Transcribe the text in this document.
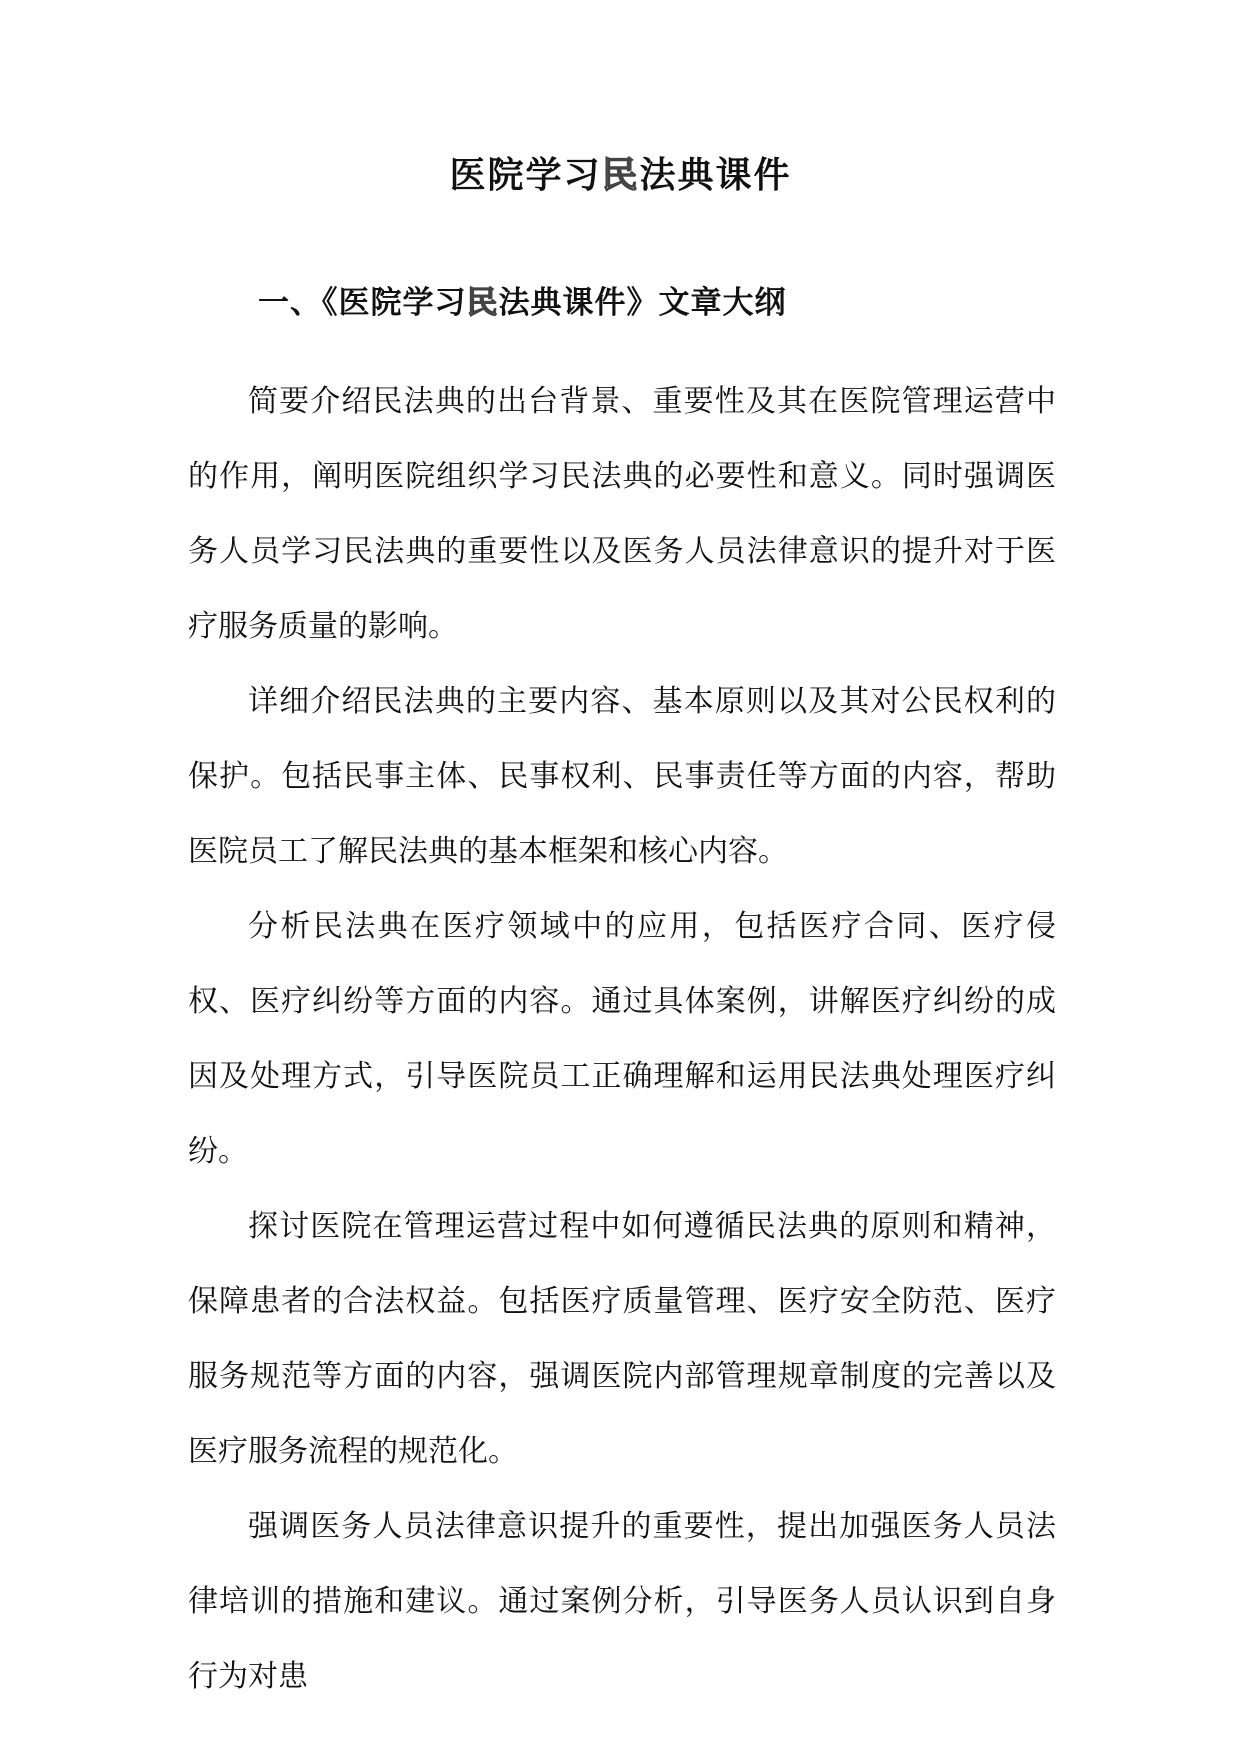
医院学习民法典课件
一、《医院学习民法典课件》文章大纲

简要介绍民法典的出台背景、重要性及其在医院管理运营中的作用，阐明医院组织学习民法典的必要性和意义。同时强调医务人员学习民法典的重要性以及医务人员法律意识的提升对于医疗服务质量的影响。

详细介绍民法典的主要内容、基本原则以及其对公民权利的保护。包括民事主体、民事权利、民事责任等方面的内容，帮助医院员工了解民法典的基本框架和核心内容。

分析民法典在医疗领域中的应用，包括医疗合同、医疗侵权、医疗纠纷等方面的内容。通过具体案例，讲解医疗纠纷的成因及处理方式，引导医院员工正确理解和运用民法典处理医疗纠纷。

探讨医院在管理运营过程中如何遵循民法典的原则和精神，保障患者的合法权益。包括医疗质量管理、医疗安全防范、医疗服务规范等方面的内容，强调医院内部管理规章制度的完善以及医疗服务流程的规范化。

强调医务人员法律意识提升的重要性，提出加强医务人员法律培训的措施和建议。通过案例分析，引导医务人员认识到自身行为对患
